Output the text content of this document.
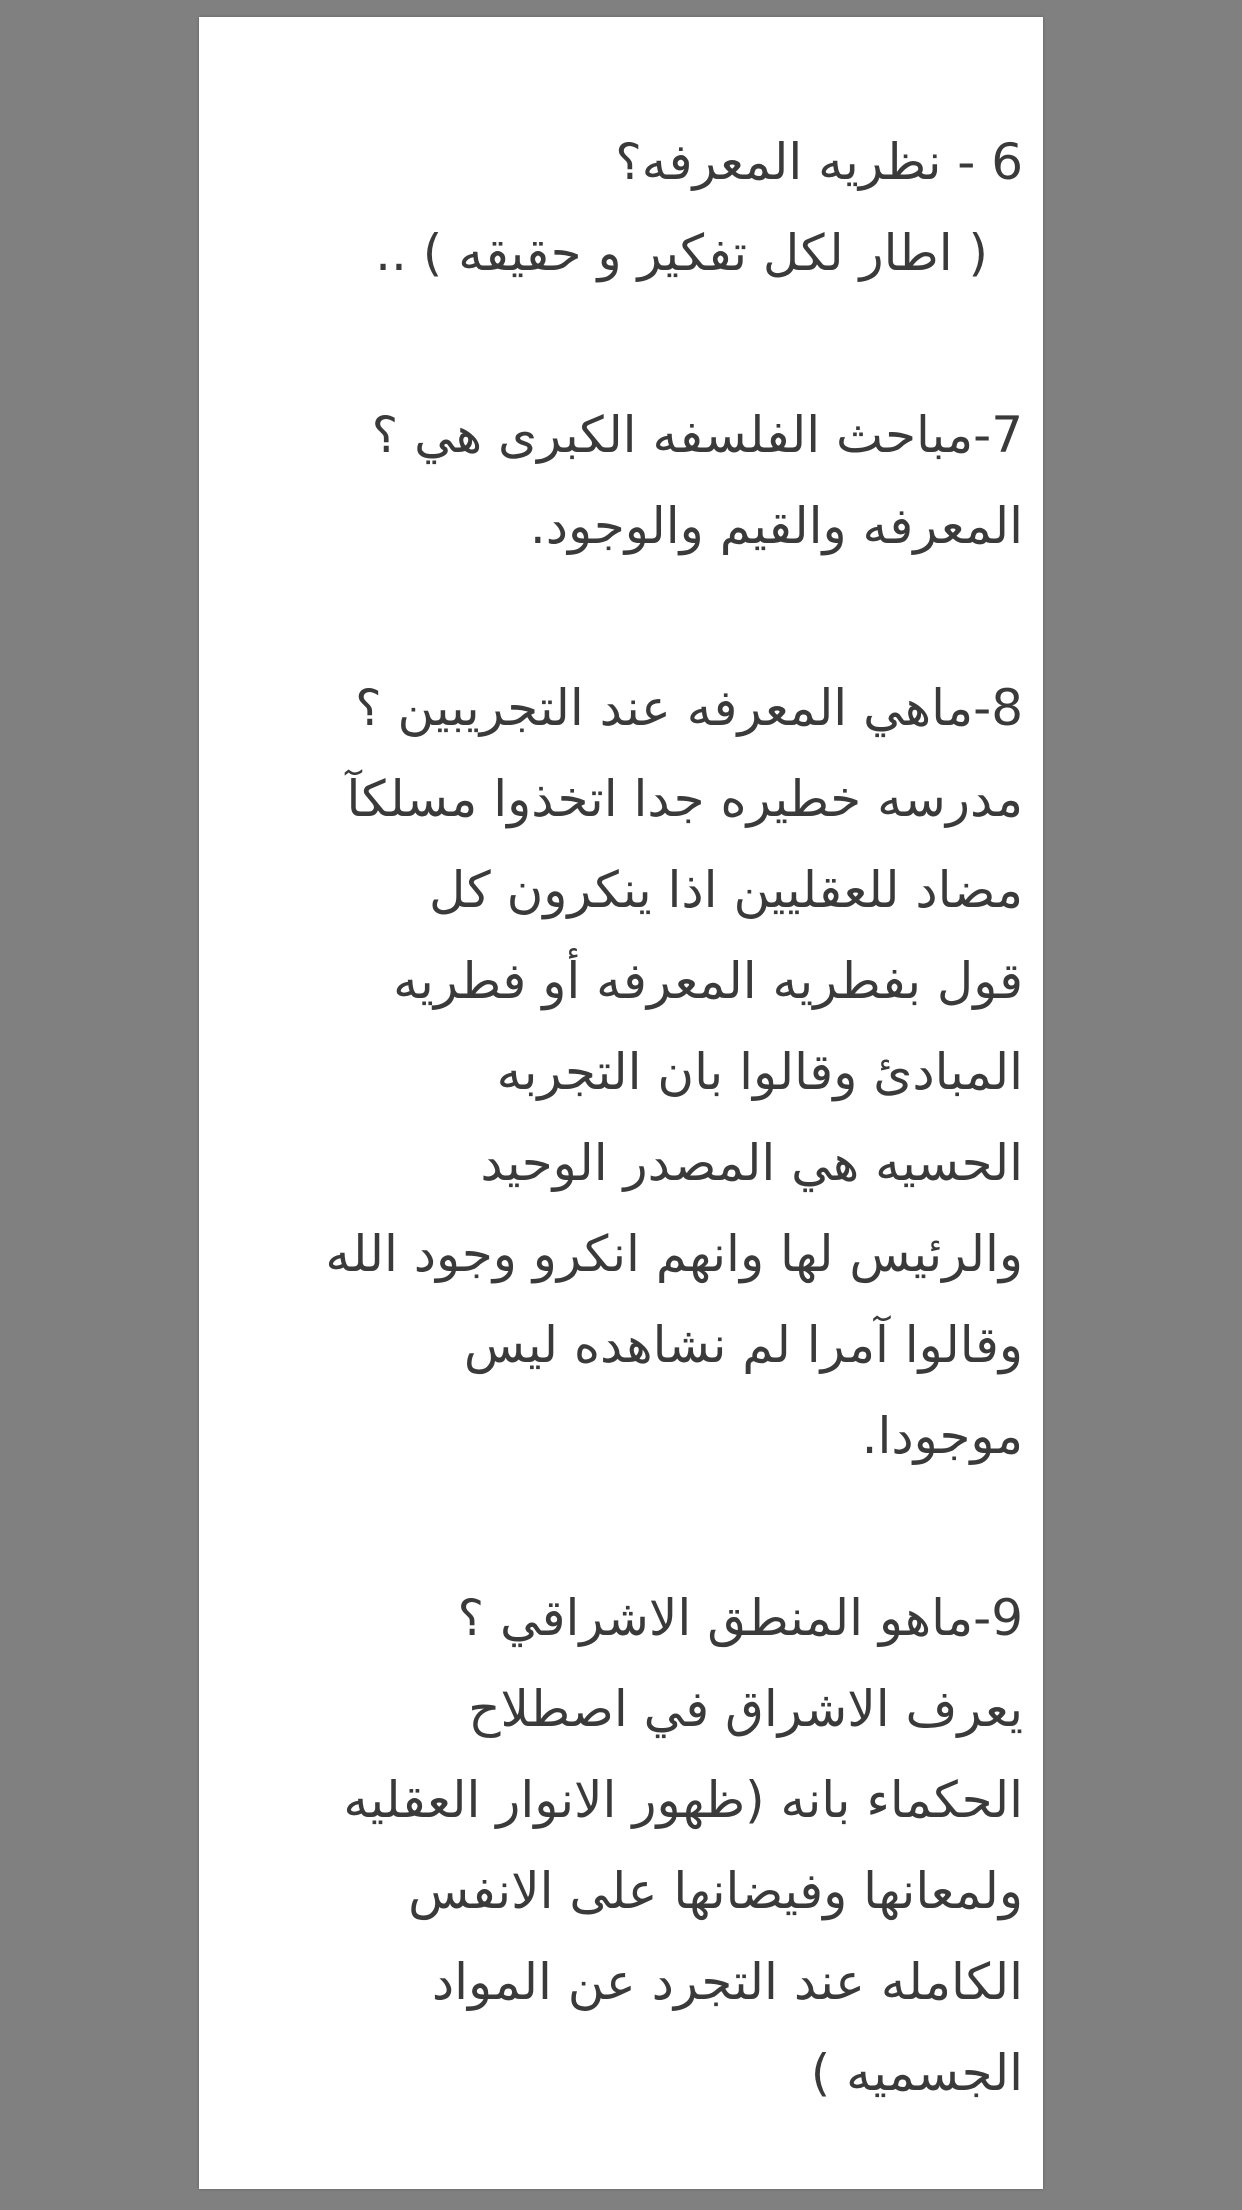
6 - نظريه المعرفه؟
( اطار لكل تفكير و حقيقه ) ..
7-مباحث الفلسفه الكبرى هي ؟
المعرفه والقيم والوجود.
8-ماهي المعرفه عند التجريبين ؟
مدرسه خطيره جدا اتخذوا مسلكآ
مضاد للعقليين اذا ينكرون كل
قول بفطريه المعرفه أو فطريه
المبادئ وقالوا بان التجربه
الحسيه هي المصدر الوحيد
والرئيس لها وانهم انكرو وجود الله
وقالوا آمرا لم نشاهده ليس
موجودا.
9-ماهو المنطق الاشراقي ؟
يعرف الاشراق في اصطلاح
الحكماء بانه (ظهور الانوار العقليه
ولمعانها وفيضانها على الانفس
الكامله عند التجرد عن المواد
الجسميه )
